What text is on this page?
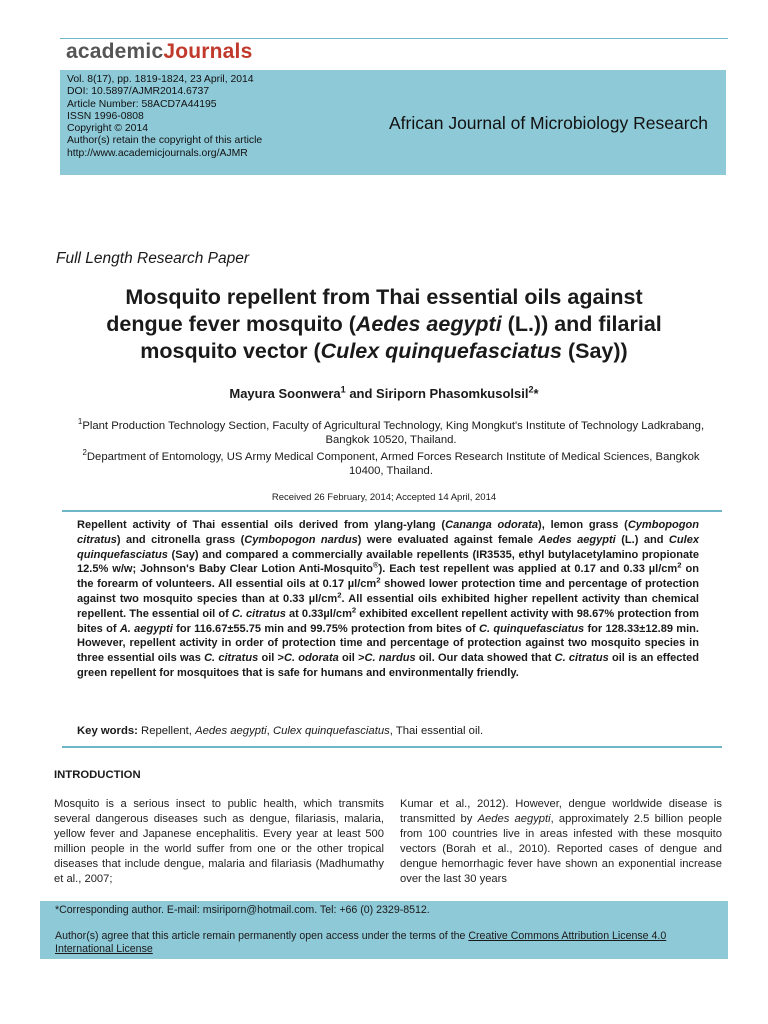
academicJournals
Vol. 8(17), pp. 1819-1824, 23 April, 2014
DOI: 10.5897/AJMR2014.6737
Article Number: 58ACD7A44195
ISSN 1996-0808
Copyright © 2014
Author(s) retain the copyright of this article
http://www.academicjournals.org/AJMR
African Journal of Microbiology Research
Full Length Research Paper
Mosquito repellent from Thai essential oils against
dengue fever mosquito (Aedes aegypti (L.)) and filarial
mosquito vector (Culex quinquefasciatus (Say))
Mayura Soonwera$^1$ and Siriporn Phasomkusolsil$^2$*
$^1$Plant Production Technology Section, Faculty of Agricultural Technology, King Mongkut's Institute of Technology Ladkrabang, Bangkok 10520, Thailand.
$^2$Department of Entomology, US Army Medical Component, Armed Forces Research Institute of Medical Sciences, Bangkok 10400, Thailand.
Received 26 February, 2014; Accepted 14 April, 2014
Repellent activity of Thai essential oils derived from ylang-ylang (Cananga odorata), lemon grass (Cymbopogon citratus) and citronella grass (Cymbopogon nardus) were evaluated against female Aedes aegypti (L.) and Culex quinquefasciatus (Say) and compared a commercially available repellents (IR3535, ethyl butylacetylamino propionate 12.5% w/w; Johnson's Baby Clear Lotion Anti-Mosquito®). Each test repellent was applied at 0.17 and 0.33 $\mu l/cm^2$ on the forearm of volunteers. All essential oils at 0.17 $\mu l/cm^2$ showed lower protection time and percentage of protection against two mosquito species than at 0.33 $\mu l/cm^2$. All essential oils exhibited higher repellent activity than chemical repellent. The essential oil of C. citratus at $0.33\mu l/cm^2$ exhibited excellent repellent activity with 98.67% protection from bites of A. aegypti for 116.67±55.75 min and 99.75% protection from bites of C. quinquefasciatus for 128.33±12.89 min. However, repellent activity in order of protection time and percentage of protection against two mosquito species in three essential oils was C. citratus oil >C. odorata oil >C. nardus oil. Our data showed that C. citratus oil is an effected green repellent for mosquitoes that is safe for humans and environmentally friendly.
Key words: Repellent, Aedes aegypti, Culex quinquefasciatus, Thai essential oil.
INTRODUCTION
Mosquito is a serious insect to public health, which transmits several dangerous diseases such as dengue, filariasis, malaria, yellow fever and Japanese encephalitis. Every year at least 500 million people in the world suffer from one or the other tropical diseases that include dengue, malaria and filariasis (Madhumathy et al., 2007;
Kumar et al., 2012). However, dengue worldwide disease is transmitted by Aedes aegypti, approximately 2.5 billion people from 100 countries live in areas infested with these mosquito vectors (Borah et al., 2010). Reported cases of dengue and dengue hemorrhagic fever have shown an exponential increase over the last 30 years
*Corresponding author. E-mail: msiriporn@hotmail.com. Tel: +66 (0) 2329-8512.
Author(s) agree that this article remain permanently open access under the terms of the Creative Commons Attribution License 4.0 International License
